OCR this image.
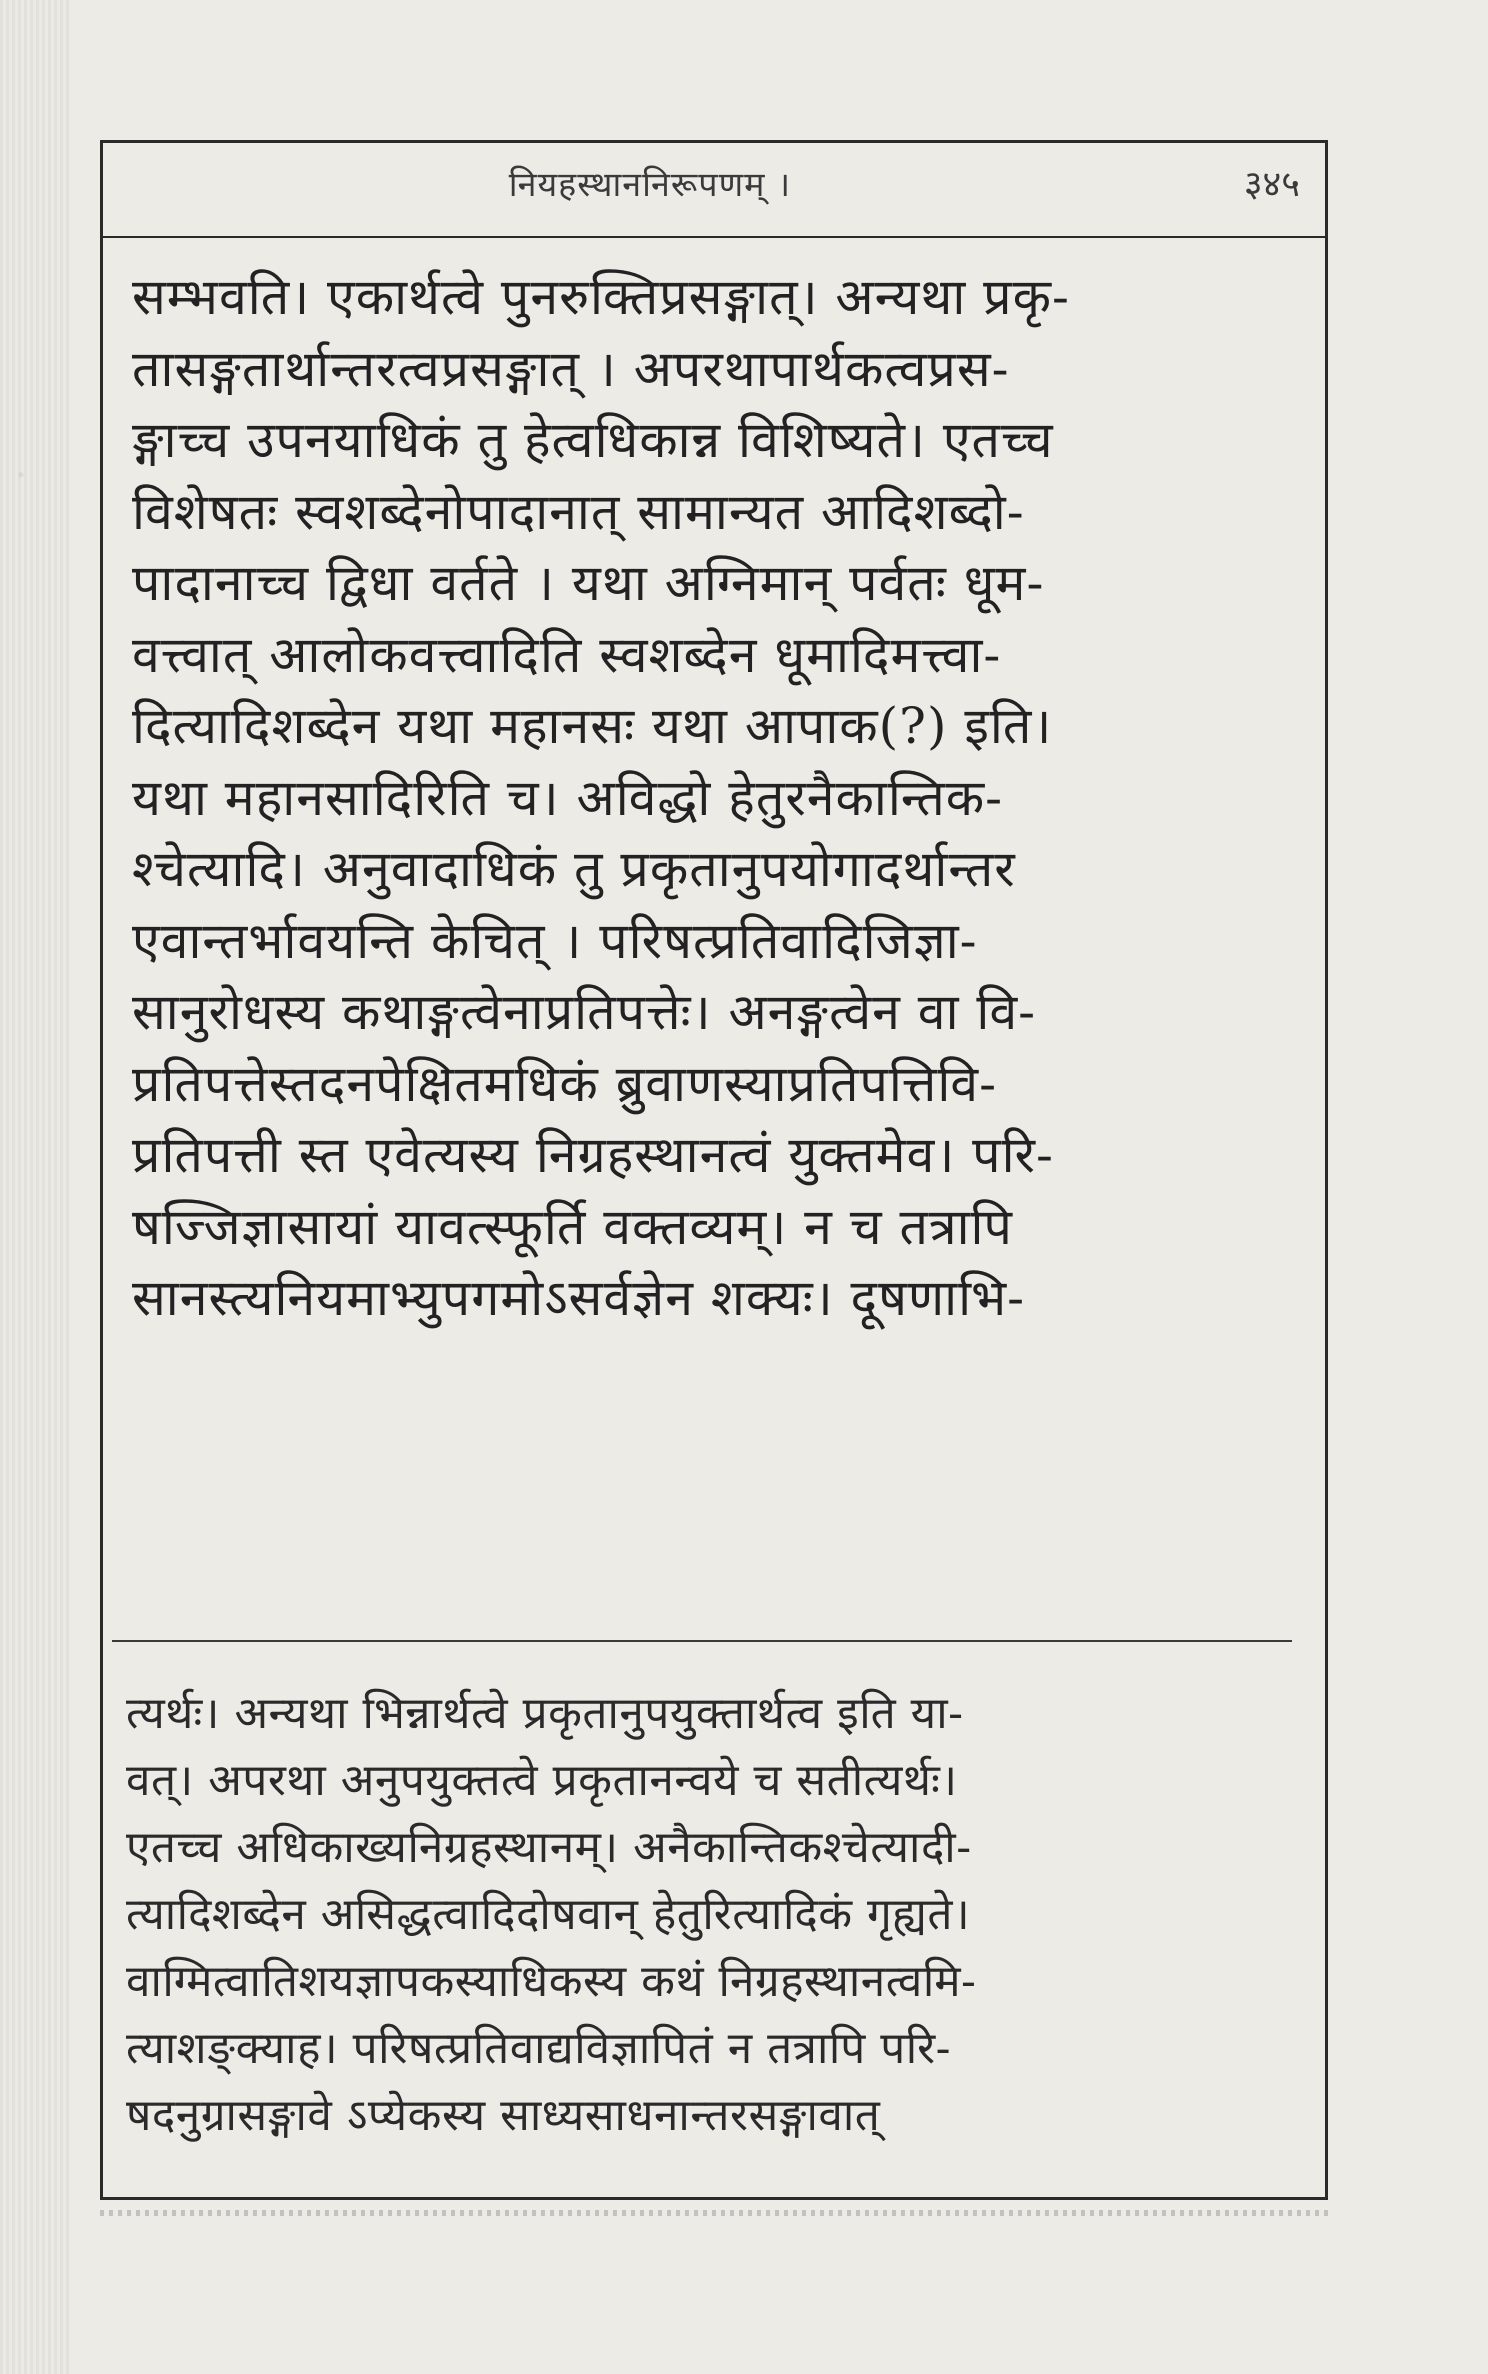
नियहस्थाननिरूपणम् ।	३४५
सम्भवति। एकार्थत्वे पुनरुक्तिप्रसङ्गात्। अन्यथा प्रकृ-
तासङ्गतार्थान्तरत्वप्रसङ्गात् । अपरथापार्थकत्वप्रस-
ङ्गाच्च उपनयाधिकं तु हेत्वधिकान्न विशिष्यते। एतच्च
विशेषतः स्वशब्देनोपादानात् सामान्यत आदिशब्दो-
पादानाच्च द्विधा वर्तते । यथा अग्निमान् पर्वतः धूम-
वत्त्वात् आलोकवत्त्वादिति स्वशब्देन धूमादिमत्त्वा-
दित्यादिशब्देन यथा महानसः यथा आपाक(?) इति।
यथा महानसादिरिति च। अविद्धो हेतुरनैकान्तिक-
श्चेत्यादि। अनुवादाधिकं तु प्रकृतानुपयोगादर्थान्तर
एवान्तर्भावयन्ति केचित् । परिषत्प्रतिवादिजिज्ञा-
सानुरोधस्य कथाङ्गत्वेनाप्रतिपत्तेः। अनङ्गत्वेन वा वि-
प्रतिपत्तेस्तदनपेक्षितमधिकं ब्रुवाणस्याप्रतिपत्तिवि-
प्रतिपत्ती स्त एवेत्यस्य निग्रहस्थानत्वं युक्तमेव। परि-
षज्जिज्ञासायां यावत्स्फूर्ति वक्तव्यम्। न च तत्रापि
सानस्त्यनियमाभ्युपगमोऽसर्वज्ञेन शक्यः। दूषणाभि-
त्यर्थः। अन्यथा भिन्नार्थत्वे प्रकृतानुपयुक्तार्थत्व इति या-
वत्। अपरथा अनुपयुक्तत्वे प्रकृतानन्वये च सतीत्यर्थः।
एतच्च अधिकाख्यनिग्रहस्थानम्। अनैकान्तिकश्चेत्यादी-
त्यादिशब्देन असिद्धत्वादिदोषवान् हेतुरित्यादिकं गृह्यते।
वाग्मित्वातिशयज्ञापकस्याधिकस्य कथं निग्रहस्थानत्वमि-
त्याशङ्क्याह। परिषत्प्रतिवाद्यविज्ञापितं न तत्रापि परि-
षदनुग्रासङ्गावे ऽप्येकस्य साध्यसाधनान्तरसङ्गावात्
